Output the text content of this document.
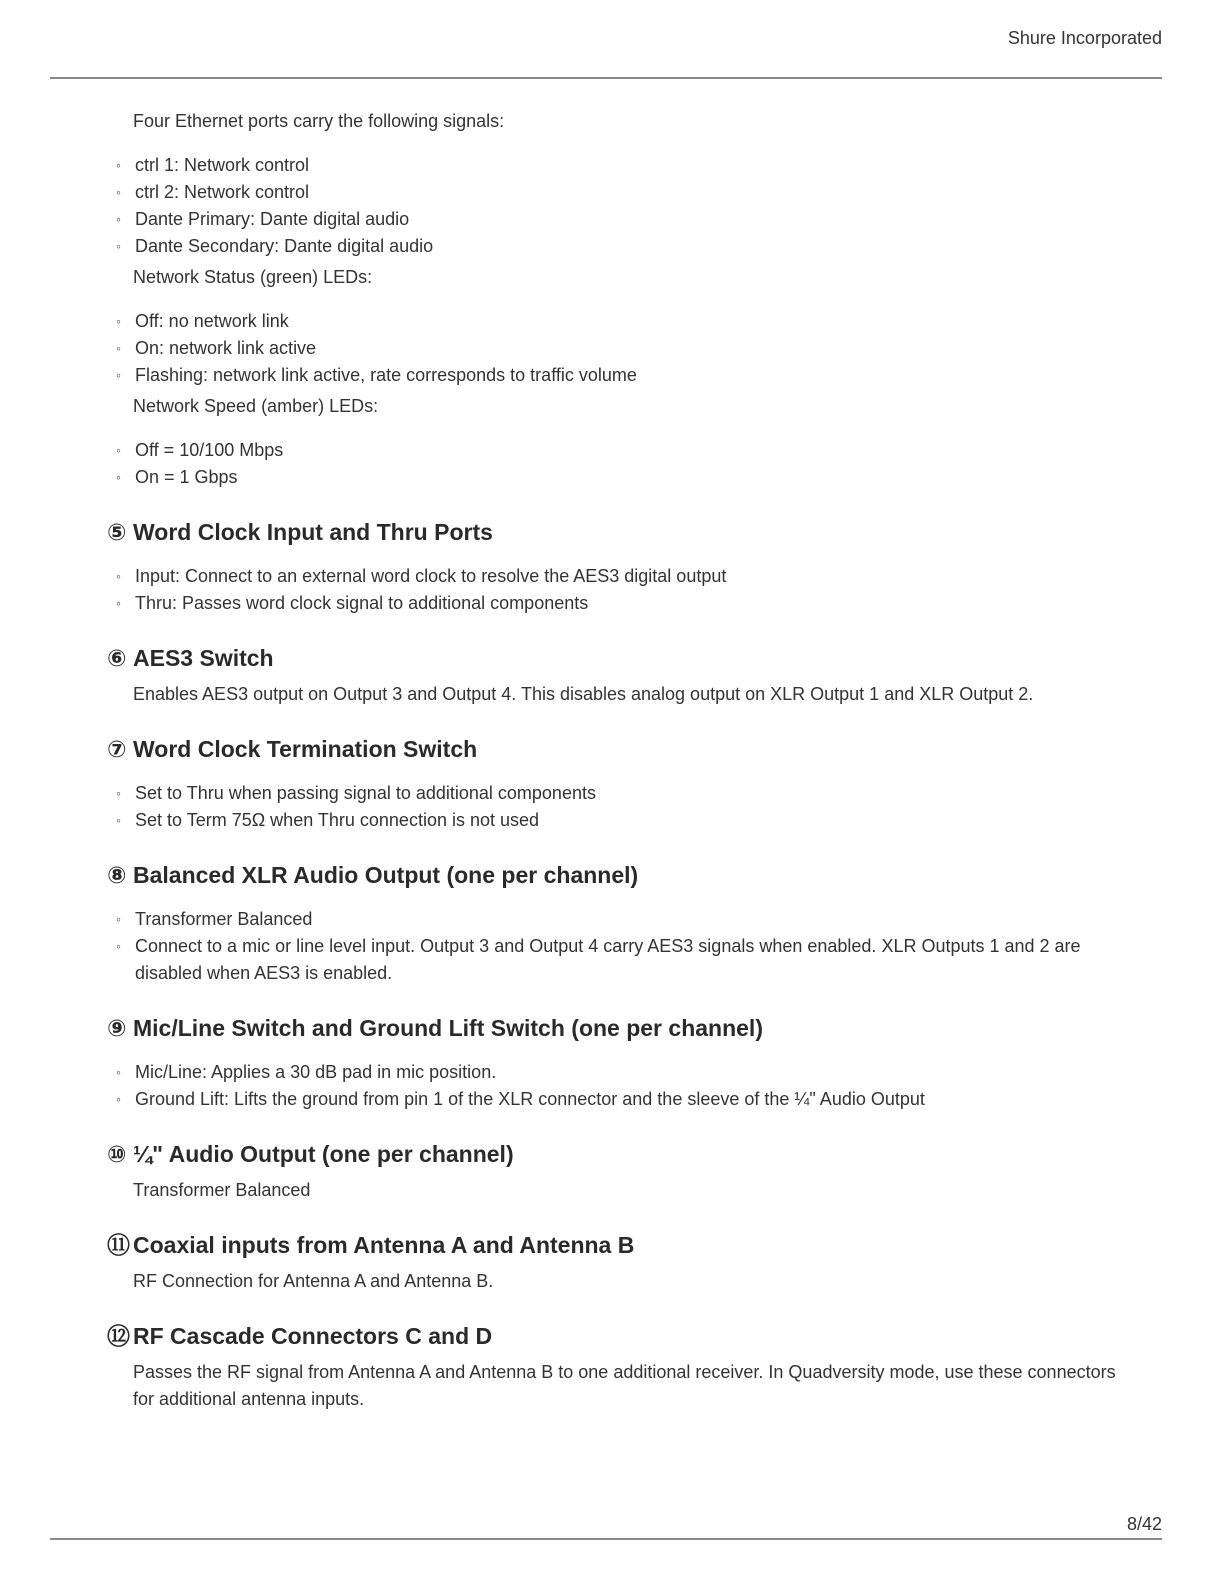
Shure Incorporated

Four Ethernet ports carry the following signals:

◦ ctrl 1: Network control
◦ ctrl 2: Network control
◦ Dante Primary: Dante digital audio
◦ Dante Secondary: Dante digital audio

Network Status (green) LEDs:

◦ Off: no network link
◦ On: network link active
◦ Flashing: network link active, rate corresponds to traffic volume

Network Speed (amber) LEDs:

◦ Off = 10/100 Mbps
◦ On = 1 Gbps
⑤ Word Clock Input and Thru Ports
◦ Input: Connect to an external word clock to resolve the AES3 digital output
◦ Thru: Passes word clock signal to additional components
⑥ AES3 Switch

Enables AES3 output on Output 3 and Output 4. This disables analog output on XLR Output 1 and XLR Output 2.

⑦ Word Clock Termination Switch
◦ Set to Thru when passing signal to additional components
◦ Set to Term 75Ω when Thru connection is not used
⑧ Balanced XLR Audio Output (one per channel)
◦ Transformer Balanced
◦ Connect to a mic or line level input. Output 3 and Output 4 carry AES3 signals when enabled. XLR Outputs 1 and 2 are disabled when AES3 is enabled.
⑨ Mic/Line Switch and Ground Lift Switch (one per channel)
◦ Mic/Line: Applies a 30 dB pad in mic position.
◦ Ground Lift: Lifts the ground from pin 1 of the XLR connector and the sleeve of the ¼" Audio Output
⑩ ¼" Audio Output (one per channel)

Transformer Balanced

⑪ Coaxial inputs from Antenna A and Antenna B

RF Connection for Antenna A and Antenna B.

⑫ RF Cascade Connectors C and D

Passes the RF signal from Antenna A and Antenna B to one additional receiver. In Quadversity mode, use these connectors for additional antenna inputs.

8/42
